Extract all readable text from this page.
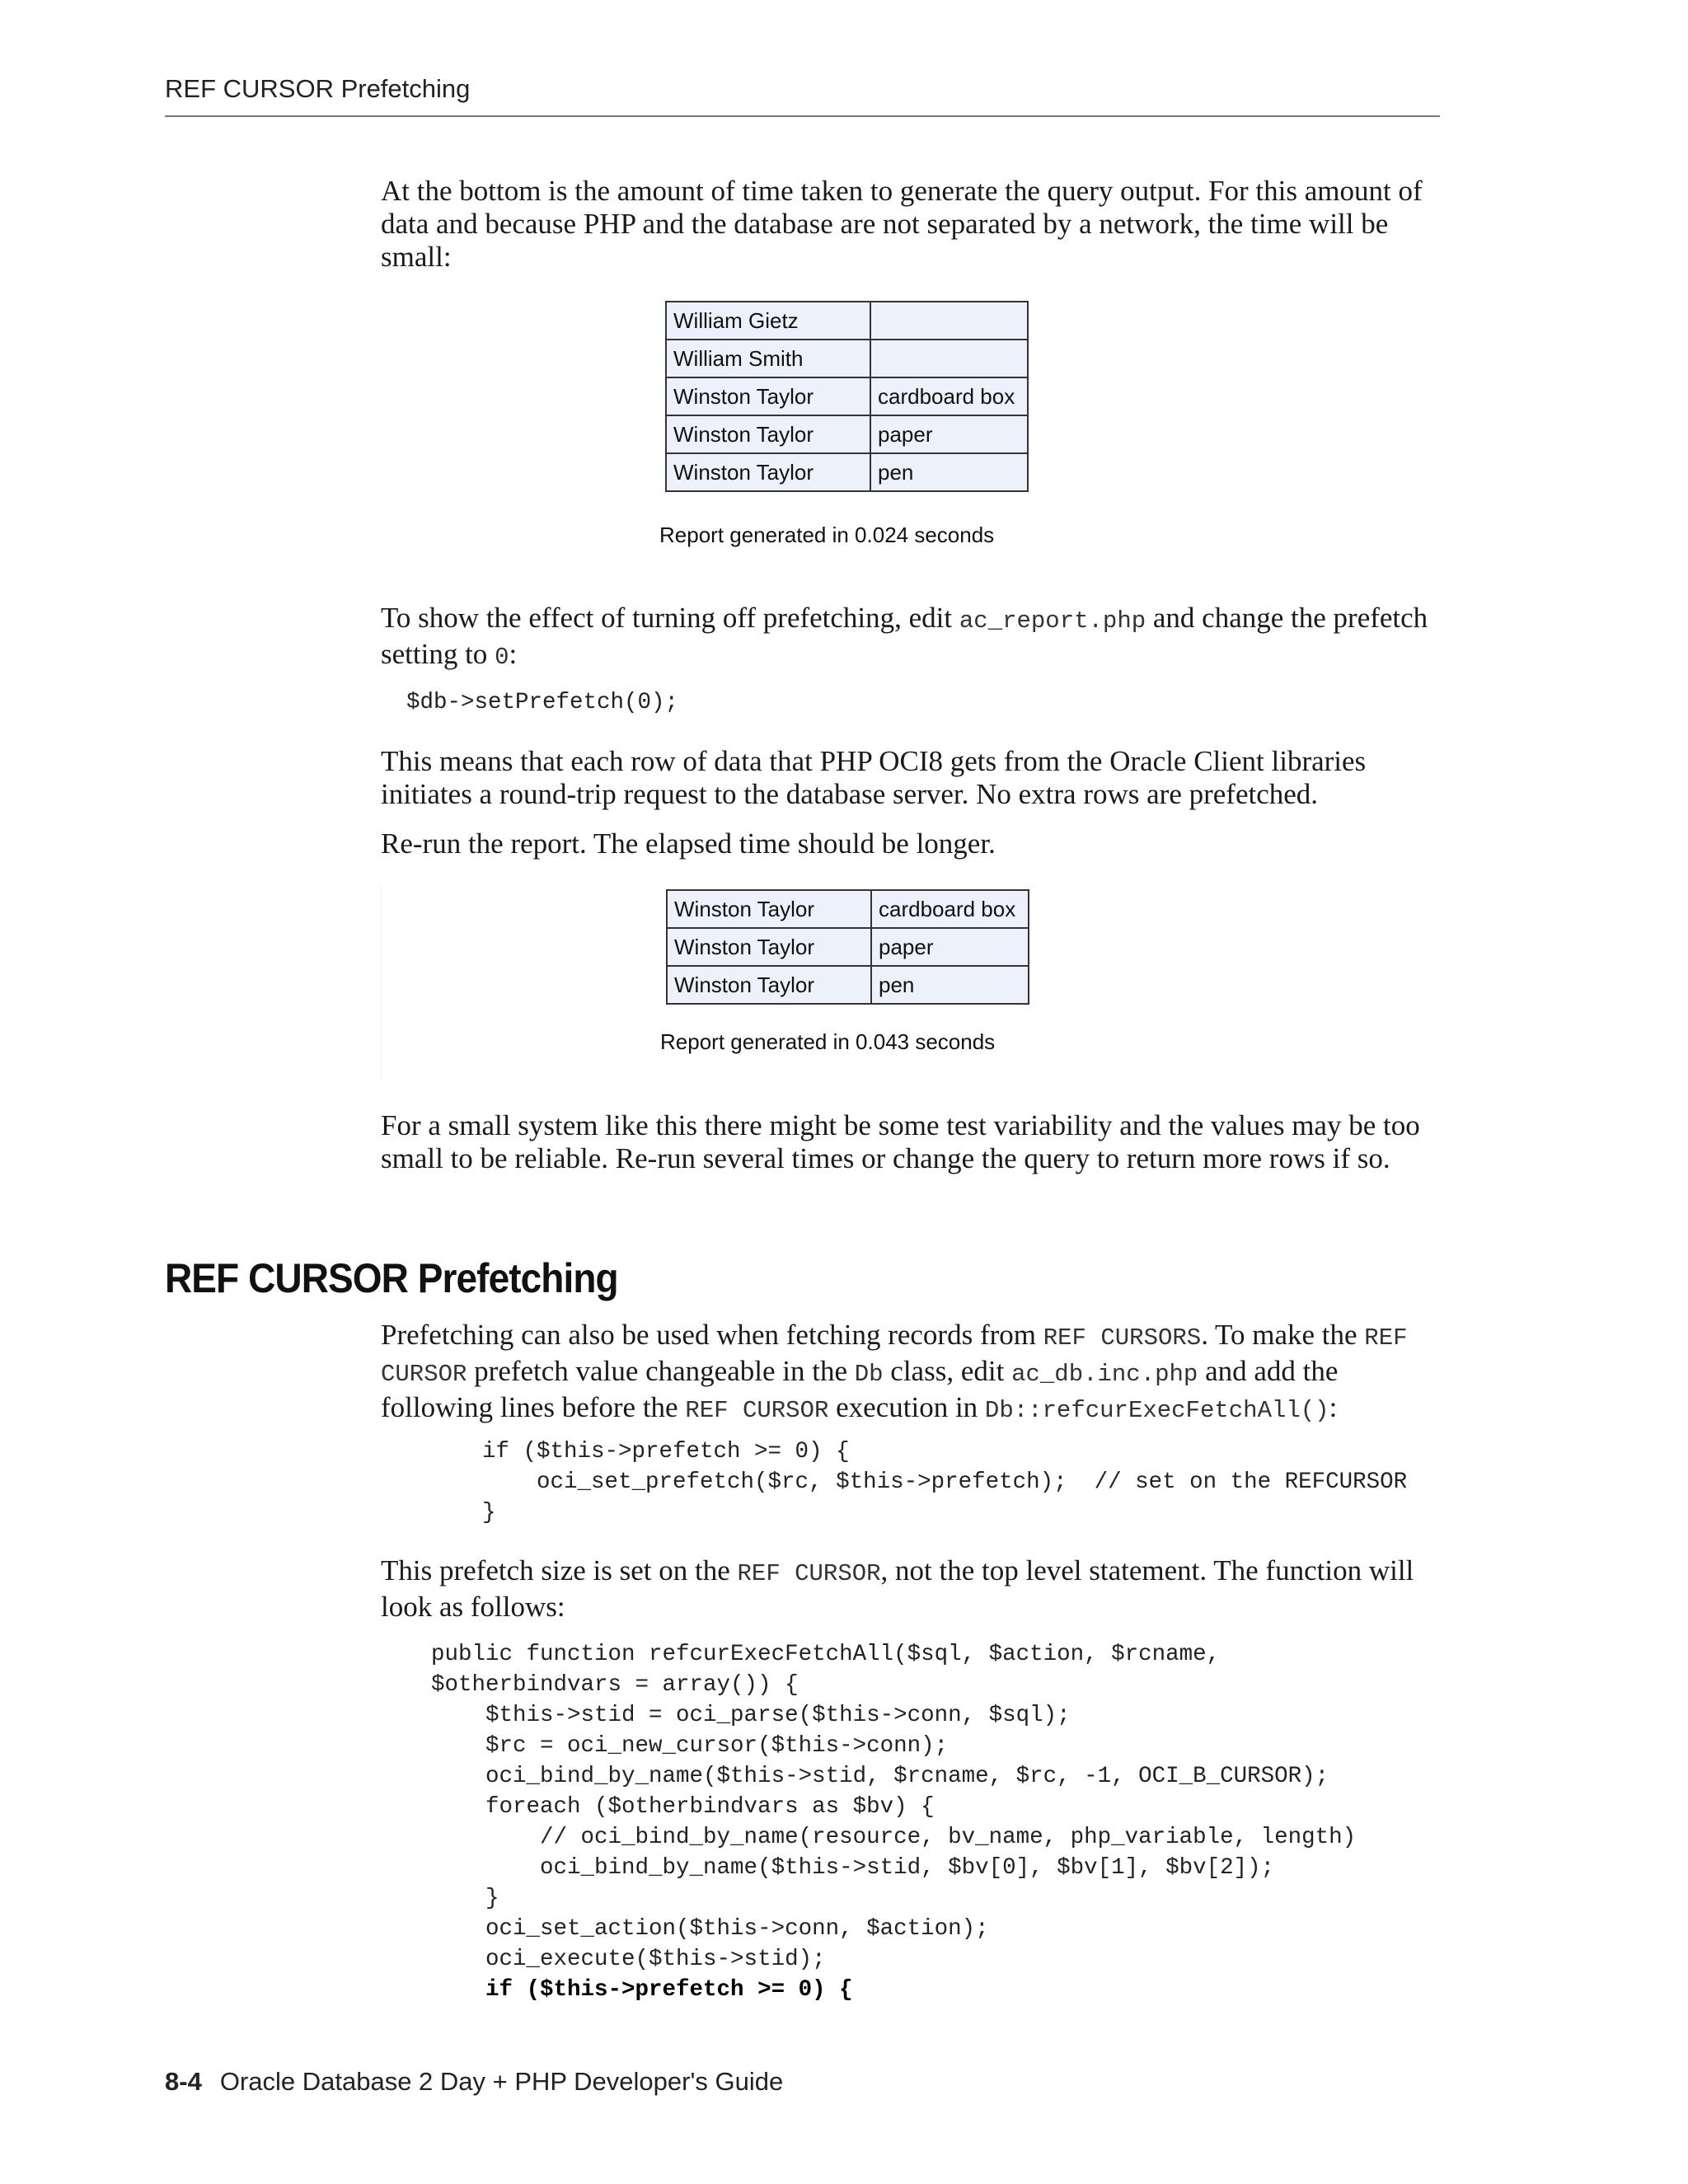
REF CURSOR Prefetching

At the bottom is the amount of time taken to generate the query output. For this amount of data and because PHP and the database are not separated by a network, the time will be small:

William Gietz	
William Smith	
Winston Taylor	cardboard box
Winston Taylor	paper
Winston Taylor	pen
Report generated in 0.024 seconds

To show the effect of turning off prefetching, edit ac_report.php and change the prefetch setting to 0:

$db->setPrefetch(0);

This means that each row of data that PHP OCI8 gets from the Oracle Client libraries initiates a round-trip request to the database server. No extra rows are prefetched.

Re-run the report. The elapsed time should be longer.

Winston Taylor	cardboard box
Winston Taylor	paper
Winston Taylor	pen
Report generated in 0.043 seconds

For a small system like this there might be some test variability and the values may be too small to be reliable. Re-run several times or change the query to return more rows if so.

REF CURSOR Prefetching

Prefetching can also be used when fetching records from REF CURSORS. To make the REF CURSOR prefetch value changeable in the Db class, edit ac_db.inc.php and add the following lines before the REF CURSOR execution in Db::refcurExecFetchAll():

if ($this->prefetch >= 0) {
oci_set_prefetch($rc, $this->prefetch);  // set on the REFCURSOR
}

This prefetch size is set on the REF CURSOR, not the top level statement. The function will look as follows:

public function refcurExecFetchAll($sql, $action, $rcname,
$otherbindvars = array()) {
$this->stid = oci_parse($this->conn, $sql);
$rc = oci_new_cursor($this->conn);
oci_bind_by_name($this->stid, $rcname, $rc, -1, OCI_B_CURSOR);
foreach ($otherbindvars as $bv) {
// oci_bind_by_name(resource, bv_name, php_variable, length)
oci_bind_by_name($this->stid, $bv[0], $bv[1], $bv[2]);
}
oci_set_action($this->conn, $action);
oci_execute($this->stid);
if ($this->prefetch >= 0) {
8-4 Oracle Database 2 Day + PHP Developer's Guide
